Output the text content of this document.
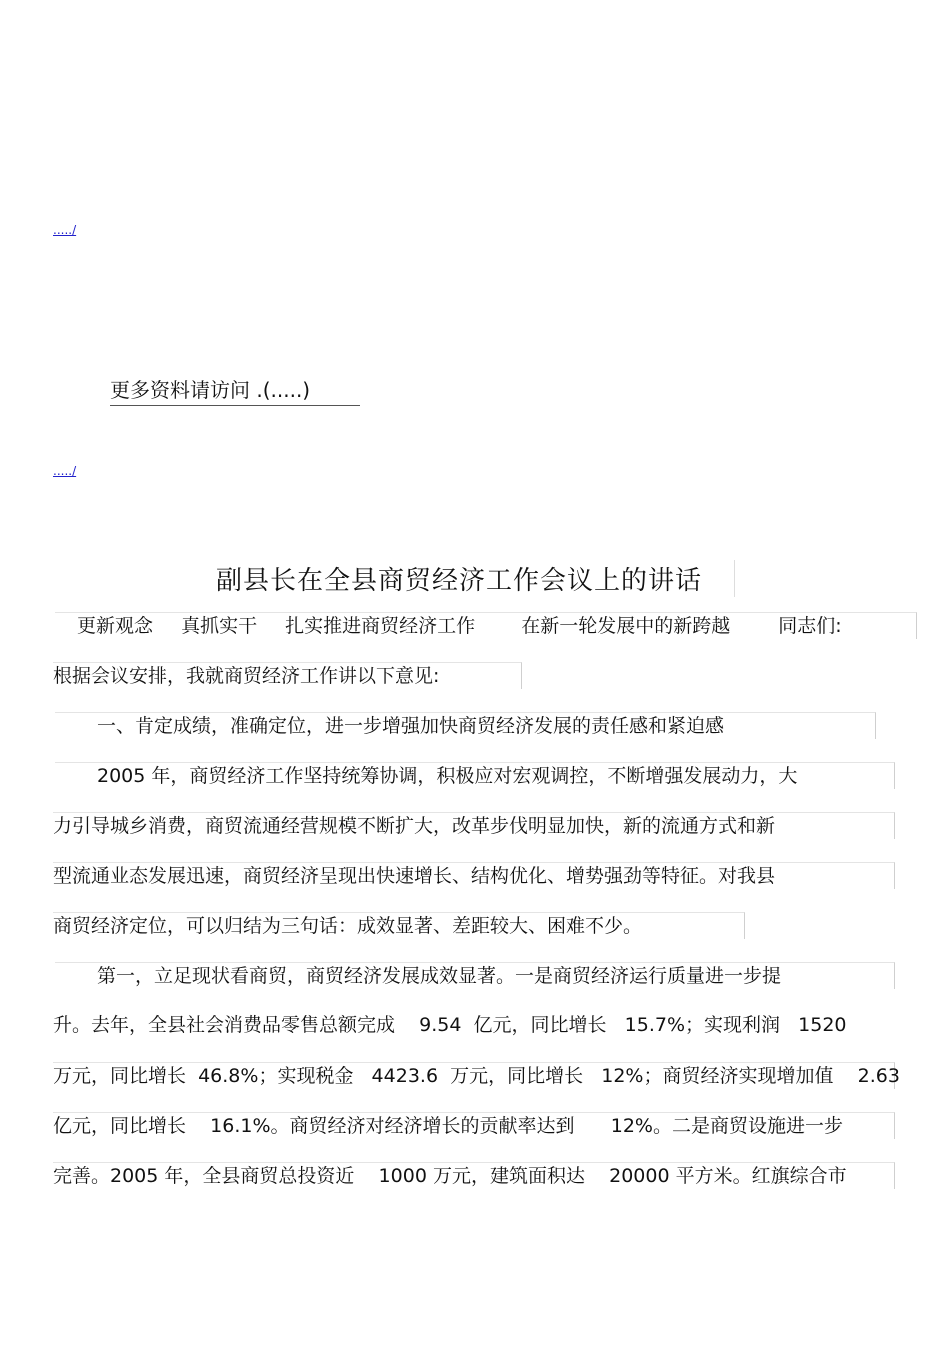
...../
更多资料请访问 .(.....)
...../
副县长在全县商贸经济工作会议上的讲话
更新观念 真抓实干 扎实推进商贸经济工作 在新一轮发展中的新跨越	同志们:
根据会议安排，我就商贸经济工作讲以下意见:
一、肯定成绩，准确定位，进一步增强加快商贸经济发展的责任感和紧迫感
2005 年，商贸经济工作坚持统筹协调，积极应对宏观调控，不断增强发展动力，大
力引导城乡消费，商贸流通经营规模不断扩大，改革步伐明显加快，新的流通方式和新
型流通业态发展迅速，商贸经济呈现出快速增长、结构优化、增势强劲等特征。对我县
商贸经济定位，可以归结为三句话：成效显著、差距较大、困难不少。
第一，立足现状看商贸，商贸经济发展成效显著。一是商贸经济运行质量进一步提
升。去年，全县社会消费品零售总额完成    9.54  亿元，同比增长   15.7%；实现利润   1520
万元，同比增长  46.8%；实现税金   4423.6  万元，同比增长   12%；商贸经济实现增加值    2.63
亿元，同比增长    16.1%。商贸经济对经济增长的贡献率达到      12%。二是商贸设施进一步
完善。2005 年，全县商贸总投资近    1000 万元，建筑面积达    20000 平方米。红旗综合市
